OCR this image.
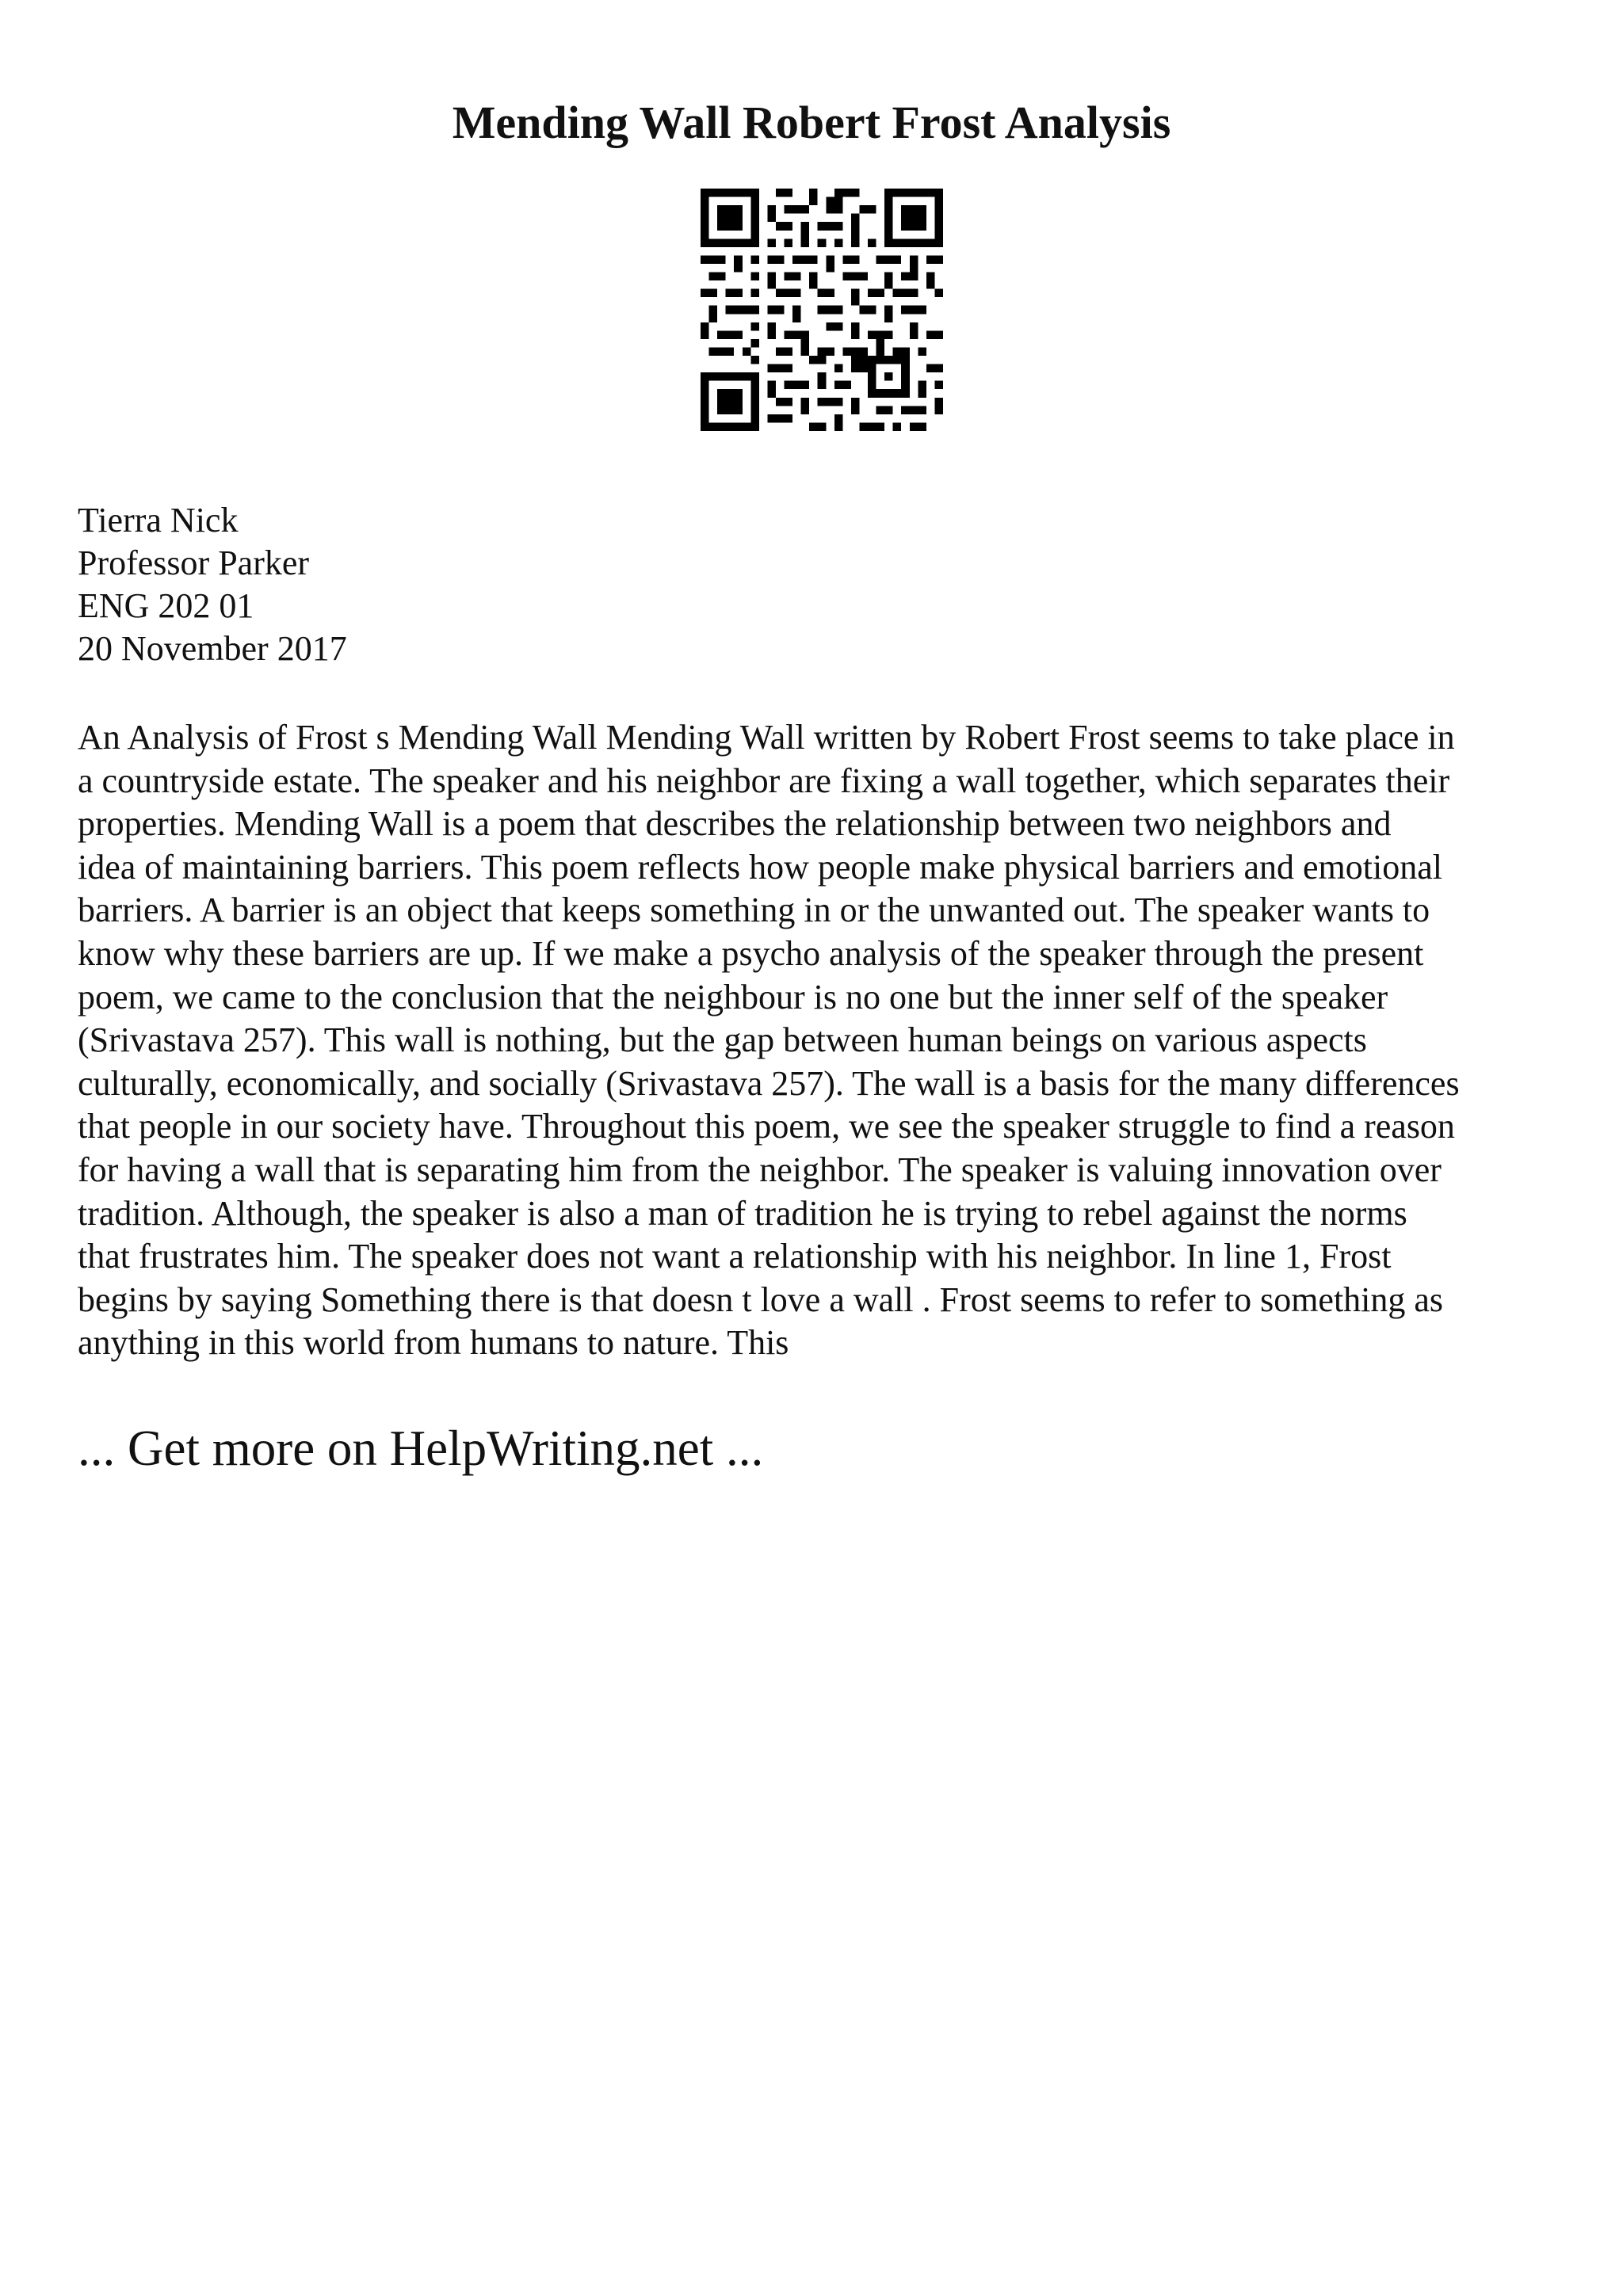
Mending Wall Robert Frost Analysis
Tierra Nick
Professor Parker
ENG 202 01
20 November 2017
An Analysis of Frost s Mending Wall Mending Wall written by Robert Frost seems to take place in
a countryside estate. The speaker and his neighbor are fixing a wall together, which separates their
properties. Mending Wall is a poem that describes the relationship between two neighbors and
idea of maintaining barriers. This poem reflects how people make physical barriers and emotional
barriers. A barrier is an object that keeps something in or the unwanted out. The speaker wants to
know why these barriers are up. If we make a psycho analysis of the speaker through the present
poem, we came to the conclusion that the neighbour is no one but the inner self of the speaker
(Srivastava 257). This wall is nothing, but the gap between human beings on various aspects
culturally, economically, and socially (Srivastava 257). The wall is a basis for the many differences
that people in our society have. Throughout this poem, we see the speaker struggle to find a reason
for having a wall that is separating him from the neighbor. The speaker is valuing innovation over
tradition. Although, the speaker is also a man of tradition he is trying to rebel against the norms
that frustrates him. The speaker does not want a relationship with his neighbor. In line 1, Frost
begins by saying Something there is that doesn t love a wall . Frost seems to refer to something as
anything in this world from humans to nature. This
... Get more on HelpWriting.net ...
